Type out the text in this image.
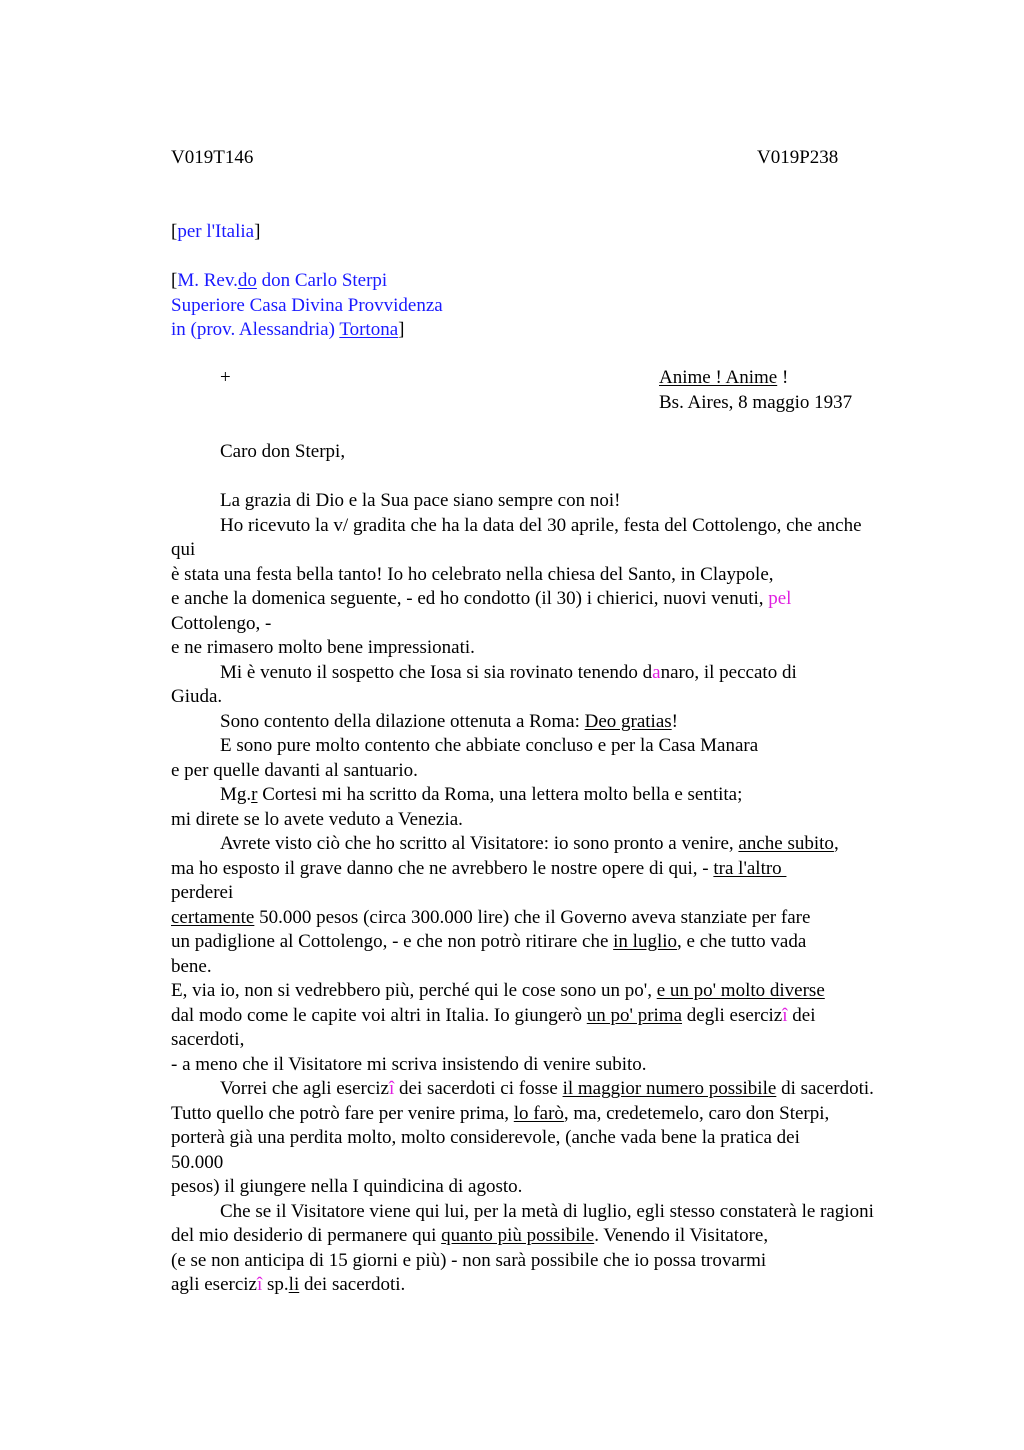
V019T146	V019P238
[per l'Italia]
[M. Rev.do don Carlo Sterpi
Superiore Casa Divina Provvidenza
in (prov. Alessandria) Tortona]
+	Anime ! Anime !
Bs. Aires, 8 maggio 1937
Caro don Sterpi,
La grazia di Dio e la Sua pace siano sempre con noi!
Ho ricevuto la v/ gradita che ha la data del 30 aprile, festa del Cottolengo, che anche
qui
è stata una festa bella tanto! Io ho celebrato nella chiesa del Santo, in Claypole,
e anche la domenica seguente, - ed ho condotto (il 30) i chierici, nuovi venuti, pel
Cottolengo, -
e ne rimasero molto bene impressionati.
Mi è venuto il sospetto che Iosa si sia rovinato tenendo danaro, il peccato di
Giuda.
Sono contento della dilazione ottenuta a Roma: Deo gratias!
E sono pure molto contento che abbiate concluso e per la Casa Manara
e per quelle davanti al santuario.
Mg.r Cortesi mi ha scritto da Roma, una lettera molto bella e sentita;
mi direte se lo avete veduto a Venezia.
Avrete visto ciò che ho scritto al Visitatore: io sono pronto a venire, anche subito,
ma ho esposto il grave danno che ne avrebbero le nostre opere di qui, - tra l'altro
perderei
certamente 50.000 pesos (circa 300.000 lire) che il Governo aveva stanziate per fare
un padiglione al Cottolengo, - e che non potrò ritirare che in luglio, e che tutto vada
bene.
E, via io, non si vedrebbero più, perché qui le cose sono un po', e un po' molto diverse
dal modo come le capite voi altri in Italia. Io giungerò un po' prima degli esercizî dei
sacerdoti,
- a meno che il Visitatore mi scriva insistendo di venire subito.
Vorrei che agli esercizî dei sacerdoti ci fosse il maggior numero possibile di sacerdoti.
Tutto quello che potrò fare per venire prima, lo farò, ma, credetemelo, caro don Sterpi,
porterà già una perdita molto, molto considerevole, (anche vada bene la pratica dei
50.000
pesos) il giungere nella I quindicina di agosto.
Che se il Visitatore viene qui lui, per la metà di luglio, egli stesso constaterà le ragioni
del mio desiderio di permanere qui quanto più possibile. Venendo il Visitatore,
(e se non anticipa di 15 giorni e più) - non sarà possibile che io possa trovarmi
agli esercizî sp.li dei sacerdoti.
